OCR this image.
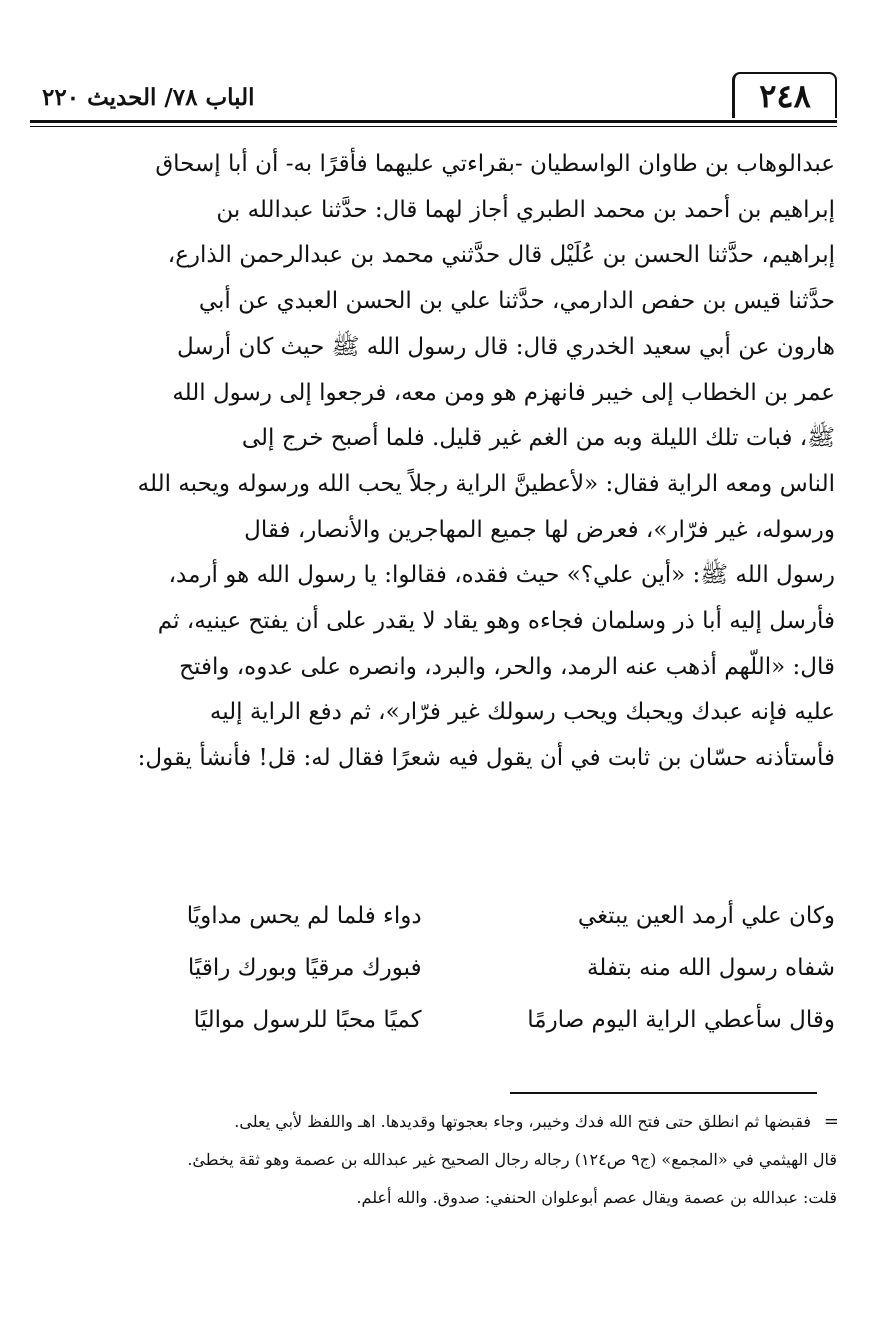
٢٤٨
الباب ٧٨/ الحديث ٢٢٠
عبدالوهاب بن طاوان الواسطيان -بقراءتي عليهما فأقرًا به- أن أبا إسحاق
إبراهيم بن أحمد بن محمد الطبري أجاز لهما قال: حدَّثنا عبدالله بن
إبراهيم، حدَّثنا الحسن بن عُلَيْل قال حدَّثني محمد بن عبدالرحمن الذارع،
حدَّثنا قيس بن حفص الدارمي، حدَّثنا علي بن الحسن العبدي عن أبي
هارون عن أبي سعيد الخدري قال: قال رسول الله ﷺ حيث كان أرسل
عمر بن الخطاب إلى خيبر فانهزم هو ومن معه، فرجعوا إلى رسول الله
ﷺ، فبات تلك الليلة وبه من الغم غير قليل. فلما أصبح خرج إلى
الناس ومعه الراية فقال: «لأعطينَّ الراية رجلاً يحب الله ورسوله ويحبه الله
ورسوله، غير فرّار»، فعرض لها جميع المهاجرين والأنصار، فقال
رسول الله ﷺ: «أين علي؟» حيث فقده، فقالوا: يا رسول الله هو أرمد،
فأرسل إليه أبا ذر وسلمان فجاءه وهو يقاد لا يقدر على أن يفتح عينيه، ثم
قال: «اللّهم أذهب عنه الرمد، والحر، والبرد، وانصره على عدوه، وافتح
عليه فإنه عبدك ويحبك ويحب رسولك غير فرّار»، ثم دفع الراية إليه
فأستأذنه حسّان بن ثابت في أن يقول فيه شعرًا فقال له: قل! فأنشأ يقول:
وكان علي أرمد العين يبتغي
دواء فلما لم يحس مداويًا
شفاه رسول الله منه بتفلة
فبورك مرقيًا وبورك راقيًا
وقال سأعطي الراية اليوم صارمًا
كميًا محبًا للرسول مواليًا
=
فقبضها ثم انطلق حتى فتح الله فدك وخيبر، وجاء بعجوتها وقديدها. اهـ واللفظ لأبي يعلى.
قال الهيثمي في «المجمع» (ج٩ ص١٢٤) رجاله رجال الصحيح غير عبدالله بن عصمة وهو ثقة يخطئ.
قلت: عبدالله بن عصمة ويقال عصم أبوعلوان الحنفي: صدوق. والله أعلم.
